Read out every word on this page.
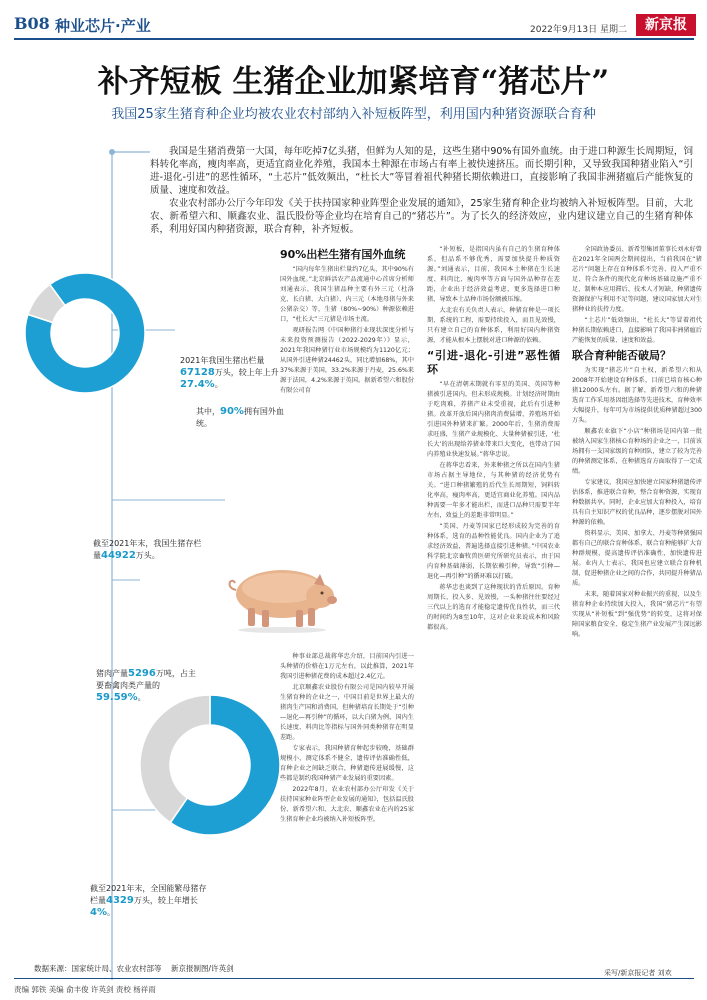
B08 种业芯片·产业	2022年9月13日 星期二	新京报
补齐短板 生猪企业加紧培育“猪芯片”
我国25家生猪育种企业均被农业农村部纳入补短板阵型，利用国内种猪资源联合育种

我国是生猪消费第一大国，每年吃掉7亿头猪，但鲜为人知的是，这些生猪中90%有国外血统。由于进口种源生长周期短，饲料转化率高，瘦肉率高，更适宜商业化养殖，我国本土种源在市场占有率上被快速挤压。而长期引种，又导致我国种猪业陷入“引进-退化-引进”的恶性循环，“土芯片”低效频出，“杜长大”等冒着祖代种猪长期依赖进口，直接影响了我国非洲猪瘟后产能恢复的质量、速度和效益。

农业农村部办公厅今年印发《关于扶持国家种业阵型企业发展的通知》，25家生猪育种企业均被纳入补短板阵型。目前，大北农、新希望六和、顺鑫农业、温氏股份等企业均在培育自己的“猪芯片”。为了长久的经济效应，业内建议建立自己的生猪育种体系，利用好国内种猪资源，联合育种，补齐短板。

2021年我国生猪出栏量67128万头，较上年上升27.4%。
其中，90%拥有国外血统。
截至2021年末，我国生猪存栏量44922万头。
猪肉产量5296万吨，占主要畜禽肉类产量的59.59%。
截至2021年末，全国能繁母猪存栏量4329万头，较上年增长4%。
90%出栏生猪有国外血统

“国内每年生猪出栏量约7亿头，其中90%有国外血统。”北京鲜活农产品流通中心首席分析师刘通表示，我国生猪品种主要有外三元（杜洛克、长白猪、大白猪）、内三元（本地母猪与外来公猪杂交）等，生猪（80%~90%）种源依赖进口，“杜长大”三元猪是市场主流。

观研报告网《中国种猪行业现状深度分析与未来投资预测报告（2022-2029年）》显示，2021年我国种猪行业市场规模约为1120亿元；从国外引进种猪24462头，同比增加68%，其中37%来源于美国，33.2%来源于丹麦，25.6%来源于法国，4.2%来源于英国。据新希望六和股份有限公司育

种事业部总裁蒋华忠介绍，目前国内引进一头种猪的价格在1万元左右，以此推算，2021年我国引进种猪花费的成本超过2.4亿元。

北京顺鑫农业股份有限公司是国内较早开展生猪育种的企业之一，中国目前是世界上最大的猪肉生产国和消费国，但种猪培育长期处于“引种—退化—再引种”的循环，以大白猪为例，国内生长速度、料肉比等指标与国外同类种猪存在明显差距。

专家表示，我国种猪育种起步较晚，基础群规模小，测定体系不健全，遗传评估准确性低，育种企业之间缺乏联合，种猪遗传进展缓慢，这些都是制约我国种猪产业发展的重要因素。

2022年8月，农业农村部办公厅印发《关于扶持国家种业阵型企业发展的通知》，包括温氏股份、新希望六和、大北农、顺鑫农业在内的25家生猪育种企业均被纳入补短板阵型。

“补短板，是指国内虽有自己的生猪育种体系，但品系不够优秀，需要加快提升种质资源。”刘通表示，目前，我国本土种猪在生长速度、料肉比、瘦肉率等方面与国外品种存在差距，企业出于经济效益考虑，更多选择进口种猪，导致本土品种市场份额被压缩。

大北农有关负责人表示，种猪育种是一项长期、系统的工程，需要持续投入，而且见效慢，只有建立自己的育种体系，利用好国内种猪资源，才能从根本上摆脱对进口种源的依赖。

“引进-退化-引进”恶性循环

“早在清朝末期就有零星的美国、英国等种猪被引进国内，但未形成规模。计划经济时期由于吃肉难，养猪产业未受重视，此后有引进种猪。改革开放后国内猪肉消费猛增，养殖场开始引进国外种猪来扩繁。2000年后，生猪消费需求旺盛，生猪产业规模化、大量种猪被引进，‘杜长大’的出现给养猪业带来巨大变化，也带动了国内养殖业快速发展。”蒋华忠说。

在蒋华忠看来，外来种猪之所以在国内生猪市场占据主导地位，与其种猪的经济优势有关。“进口种猪繁殖的后代生长周期短，饲料转化率高，瘦肉率高，更适宜商业化养殖。国内品种需要一年多才能出栏，而进口品种只需要半年左右，效益上的差距非常明显。”

“美国、丹麦等国家已经形成较为完善的育种体系，选育的品种性能优良。国内企业为了追求经济效益，普遍选择直接引进种猪。”中国农业科学院北京畜牧兽医研究所研究员表示，由于国内育种基础薄弱，长期依赖引种，导致“引种—退化—再引种”的循环难以打破。

蒋华忠也谈到了这种现状的背后原因。育种周期长、投入多、见效慢，一头种猪往往要经过三代以上的选育才能稳定遗传优良性状，而三代的时间约为8至10年，这对企业来说成本和风险都很高。

全国政协委员、新希望集团董事长刘永好曾在2021年全国两会期间提出，当前我国在“猪芯片”问题上存在育种体系不完善、投入严重不足、符合条件的现代化育种场基础设施严重不足、制种本应用滞后、技术人才短缺、种猪遗传资源保护与利用不足等问题，建议国家加大对生猪种业的扶持力度。

“土芯片”低效频出，“杜长大”等冒着祖代种猪长期依赖进口，直接影响了我国非洲猪瘟后产能恢复的质量、速度和效益。

联合育种能否破局？

为实现“猪芯片”自主权，新希望六和从2008年开始建设育种体系，目前已培育核心种猪12000头左右。据了解，新希望六和的种猪选育工作采用基因组选择等先进技术，育种效率大幅提升，每年可为市场提供优质种猪超过300万头。

顺鑫农业旗下“小店”种猪场是国内第一批被纳入国家生猪核心育种场的企业之一，目前该场拥有一支国家级的育种团队，建立了较为完善的种猪测定体系，在种猪选育方面取得了一定成绩。

专家建议，我国应加快建立国家种猪遗传评估体系，推进联合育种，整合育种资源，实现育种数据共享。同时，企业应加大育种投入，培育具有自主知识产权的优良品种，逐步摆脱对国外种源的依赖。

资料显示，美国、加拿大、丹麦等种猪强国都有自己的联合育种体系，联合育种能够扩大育种群规模，提高遗传评估准确性，加快遗传进展。业内人士表示，我国也应建立联合育种机制，促进种猪企业之间的合作，共同提升种猪品质。

未来，随着国家对种业振兴的重视，以及生猪育种企业持续加大投入，我国“猪芯片”有望实现从“补短板”到“强优势”的转变，这将对保障国家粮食安全、稳定生猪产业发展产生深远影响。

数据来源：国家统计局、农业农村部等 新京报制图/许英剑	采写/新京报记者 刘欢
责编 郭铁 美编 俞丰俊 许英剑 责校 杨祥雨
